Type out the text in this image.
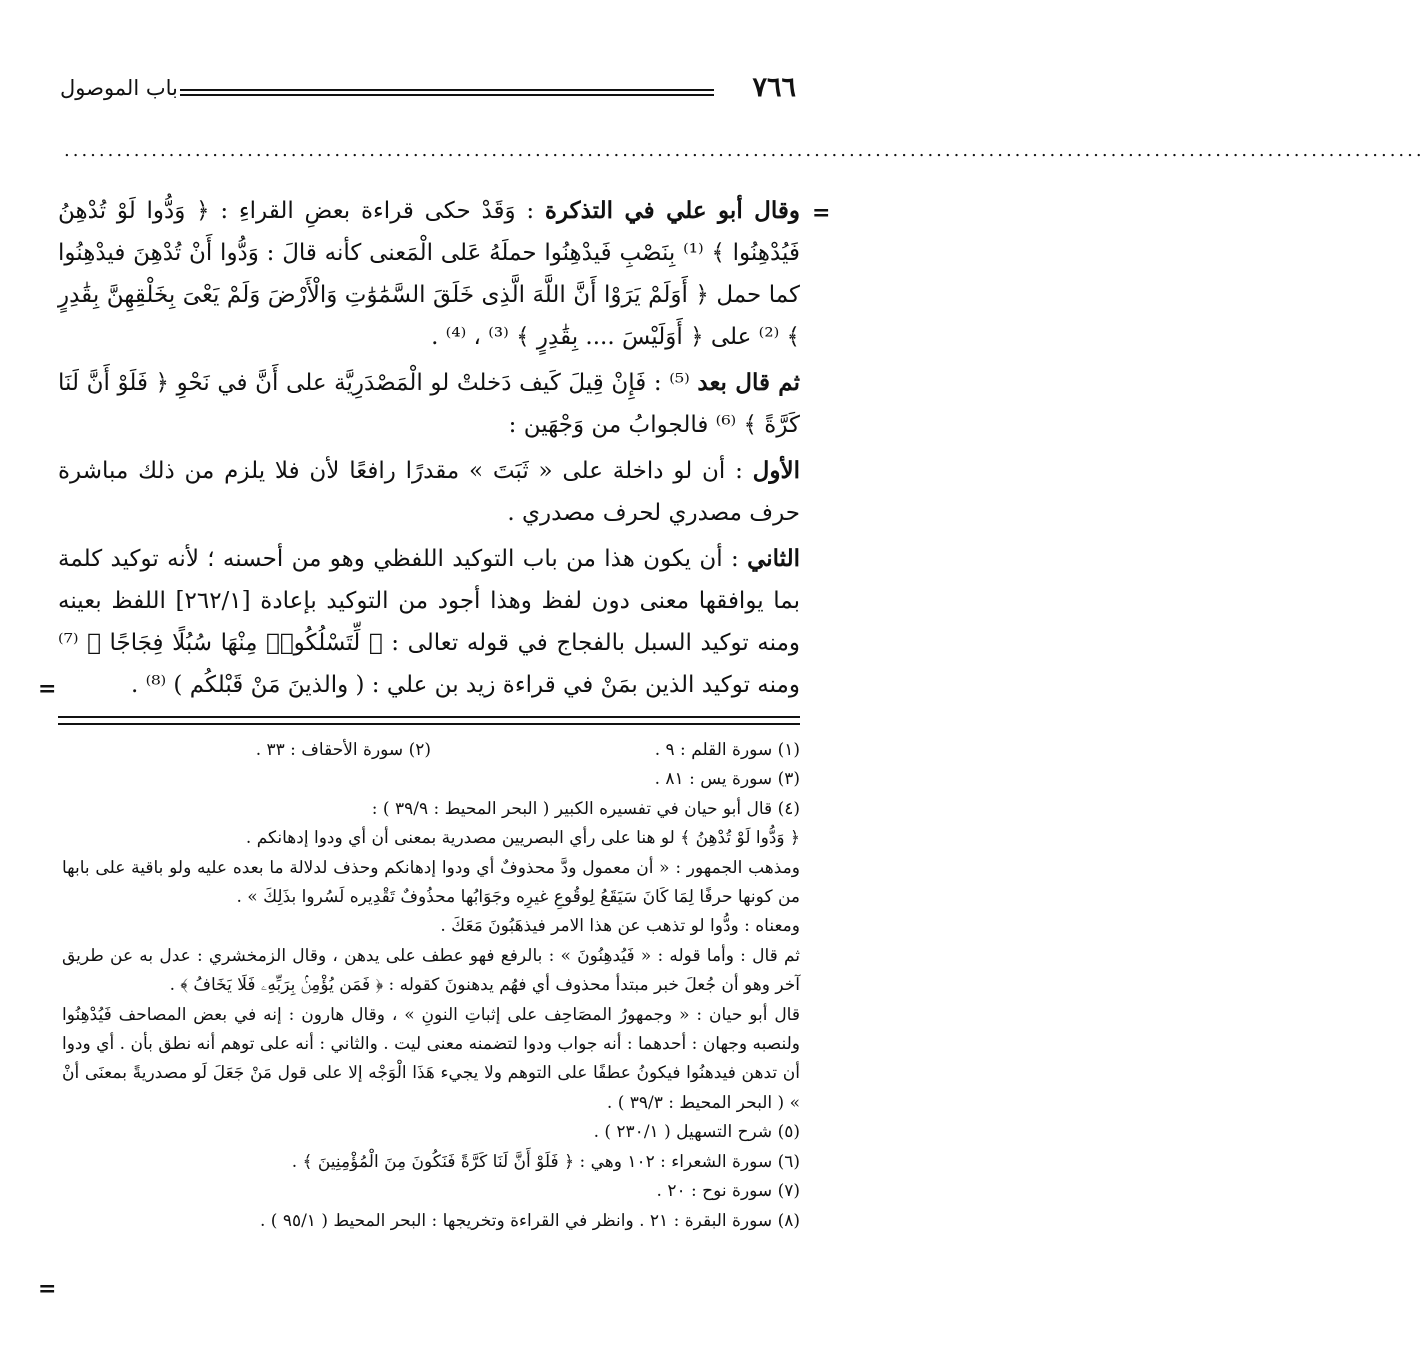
٧٦٦
باب الموصول
............................................................................................................................................................
=
=
=

وقال أبو علي في التذكرة : وَقَدْ حكى قراءة بعضِ القراءِ : ﴿ وَدُّوا لَوْ تُدْهِنُ فَيُدْهِنُوا ﴾ ⁽¹⁾ بِنَصْبِ فَيدْهِنُوا حملَهُ عَلى الْمَعنى كأنه قالَ : وَدُّوا أَنْ تُدْهِنَ فيدْهِنُوا كما حمل ﴿ أَوَلَمْ يَرَوْا أَنَّ اللَّهَ الَّذِى خَلَقَ السَّمَٰوَٰتِ وَالْأَرْضَ وَلَمْ يَعْىَ بِخَلْقِهِنَّ بِقَٰدِرٍ ﴾ ⁽²⁾ على ﴿ أَوَلَيْسَ .... بِقَٰدِرٍ ﴾ ⁽³⁾ ، ⁽⁴⁾ .

ثم قال بعد ⁽⁵⁾ : فَإِنْ قِيلَ كَيف دَخلتْ لو الْمَصْدَرِيَّة على أَنَّ في نَحْوِ ﴿ فَلَوْ أَنَّ لَنَا كَرَّةً ﴾ ⁽⁶⁾ فالجوابُ من وَجْهَين :

الأول : أن لو داخلة على « ثَبَتَ » مقدرًا رافعًا لأن فلا يلزم من ذلك مباشرة حرف مصدري لحرف مصدري .

الثاني : أن يكون هذا من باب التوكيد اللفظي وهو من أحسنه ؛ لأنه توكيد كلمة بما يوافقها معنى دون لفظ وهذا أجود من التوكيد بإعادة [٢٦٢/١] اللفظ بعينه ومنه توكيد السبل بالفجاج في قوله تعالى : ﴿ لِّتَسْلُكُوا۟ مِنْهَا سُبُلًا فِجَاجًا ﴾ ⁽⁷⁾ ومنه توكيد الذين بمَنْ في قراءة زيد بن علي : ( والذينَ مَنْ قَبْلكُم ) ⁽⁸⁾ .

(١) سورة القلم : ٩ .
(٢) سورة الأحقاف : ٣٣ .

(٣) سورة يس : ٨١ .

(٤) قال أبو حيان في تفسيره الكبير ( البحر المحيط : ٣٩/٩ ) :

﴿ وَدُّوا لَوْ تُدْهِنُ ﴾ لو هنا على رأي البصريين مصدرية بمعنى أن أي ودوا إدهانكم .

ومذهب الجمهور : « أن معمول ودَّ محذوفٌ أي ودوا إدهانكم وحذف لدلالة ما بعده عليه ولو باقية على بابها من كونها حرفًا لِمَا كَانَ سَيَقَعُ لِوقُوعِ غيرِه وجَوَابُها محذُوفٌ تَقْدِيره لَسُروا بذَلِكَ » .

ومعناه : ودُّوا لو تذهب عن هذا الامر فيذهَبُونَ مَعَكَ .

ثم قال : وأما قوله : « فَيُدهِنُونَ » : بالرفع فهو عطف على يدهن ، وقال الزمخشري : عدل به عن طريق آخر وهو أن جُعلَ خبر مبتدأ محذوف أي فهُم يدهنونَ كقوله : ﴿ فَمَن يُؤْمِنۢ بِرَبِّهِۦ فَلَا يَخَافُ ﴾ .

قال أبو حيان : « وجمهورُ المصَاحِف على إثباتِ النونِ » ، وقال هارون : إنه في بعض المصاحف فَيُدْهِنُوا ولنصبه وجهان : أحدهما : أنه جواب ودوا لتضمنه معنى ليت . والثاني : أنه على توهم أنه نطق بأن . أي ودوا أن تدهن فيدهنُوا فيكونُ عطفًا على التوهم ولا يجيء هَذَا الْوَجْه إلا على قول مَنْ جَعَلَ لَو مصدريةً بمعنَى أنْ » ( البحر المحيط : ٣٩/٣ ) .

(٥) شرح التسهيل ( ٢٣٠/١ ) .

(٦) سورة الشعراء : ١٠٢ وهي : ﴿ فَلَوْ أَنَّ لَنَا كَرَّةً فَنَكُونَ مِنَ الْمُؤْمِنِينَ ﴾ .

(٧) سورة نوح : ٢٠ .

(٨) سورة البقرة : ٢١ . وانظر في القراءة وتخريجها : البحر المحيط ( ٩٥/١ ) .
